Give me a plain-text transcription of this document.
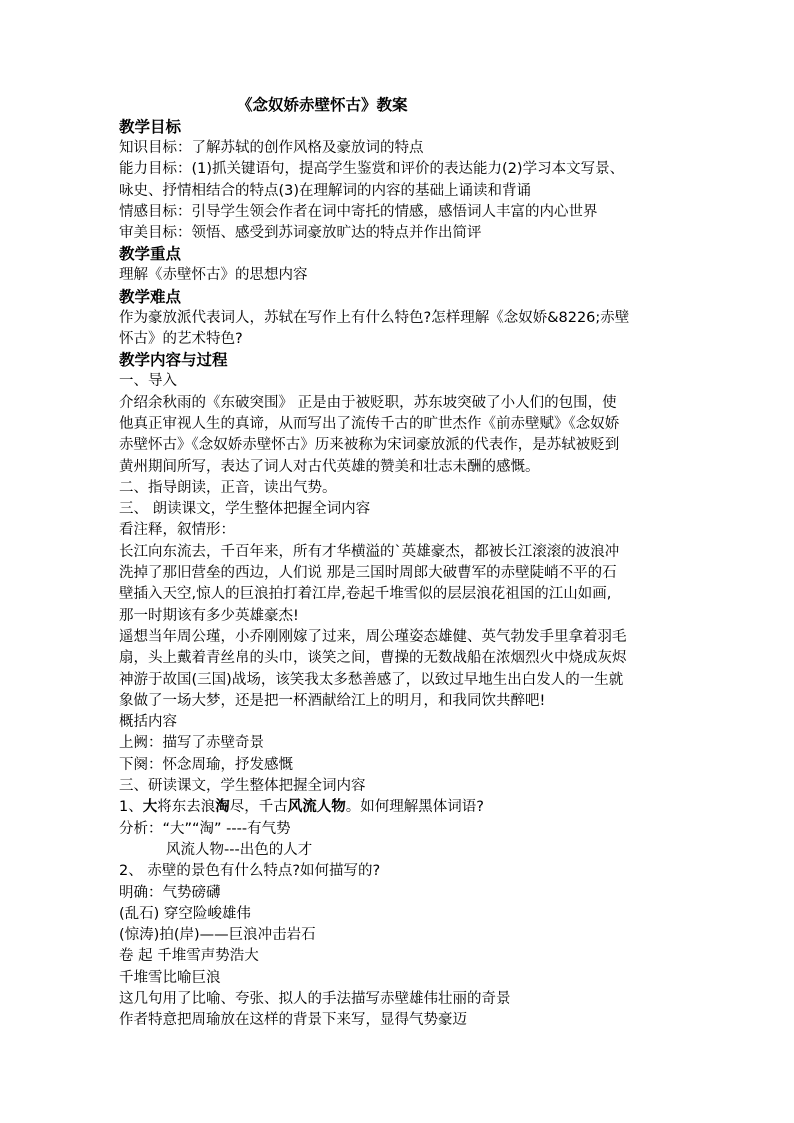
《念奴娇赤壁怀古》教案
教学目标
知识目标：了解苏轼的创作风格及豪放词的特点
能力目标：(1)抓关键语句，提高学生鉴赏和评价的表达能力(2)学习本文写景、
咏史、抒情相结合的特点(3)在理解词的内容的基础上诵读和背诵
情感目标：引导学生领会作者在词中寄托的情感，感悟词人丰富的内心世界
审美目标：领悟、感受到苏词豪放旷达的特点并作出简评
教学重点
理解《赤壁怀古》的思想内容
教学难点
作为豪放派代表词人，苏轼在写作上有什么特色?怎样理解《念奴娇&8226;赤壁
怀古》的艺术特色?
教学内容与过程
一、导入
介绍余秋雨的《东破突围》 正是由于被贬职，苏东坡突破了小人们的包围，使
他真正审视人生的真谛，从而写出了流传千古的旷世杰作《前赤壁赋》《念奴娇
赤壁怀古》《念奴娇赤壁怀古》历来被称为宋词豪放派的代表作，是苏轼被贬到
黄州期间所写，表达了词人对古代英雄的赞美和壮志未酬的感慨。
二、指导朗读，正音，读出气势。
三、 朗读课文，学生整体把握全词内容
看注释，叙情形：
长江向东流去，千百年来，所有才华横溢的`英雄豪杰，都被长江滚滚的波浪冲
洗掉了那旧营垒的西边，人们说 那是三国时周郎大破曹军的赤壁陡峭不平的石
壁插入天空,惊人的巨浪拍打着江岸,卷起千堆雪似的层层浪花祖国的江山如画,
那一时期该有多少英雄豪杰!
遥想当年周公瑾，小乔刚刚嫁了过来，周公瑾姿态雄健、英气勃发手里拿着羽毛
扇，头上戴着青丝帛的头巾，谈笑之间，曹操的无数战船在浓烟烈火中烧成灰烬
神游于故国(三国)战场，该笑我太多愁善感了，以致过早地生出白发人的一生就
象做了一场大梦，还是把一杯酒献给江上的明月，和我同饮共醉吧!
概括内容
上阙：描写了赤壁奇景
下阕：怀念周瑜，抒发感慨
三、研读课文，学生整体把握全词内容
1、大将东去浪淘尽，千古风流人物。如何理解黑体词语?
分析：“大”“淘” ----有气势
风流人物---出色的人才
2、 赤壁的景色有什么特点?如何描写的?
明确：气势磅礴
(乱石) 穿空险峻雄伟
(惊涛)拍(岸)——巨浪冲击岩石
卷 起 千堆雪声势浩大
千堆雪比喻巨浪
这几句用了比喻、夸张、拟人的手法描写赤壁雄伟壮丽的奇景
作者特意把周瑜放在这样的背景下来写，显得气势豪迈
